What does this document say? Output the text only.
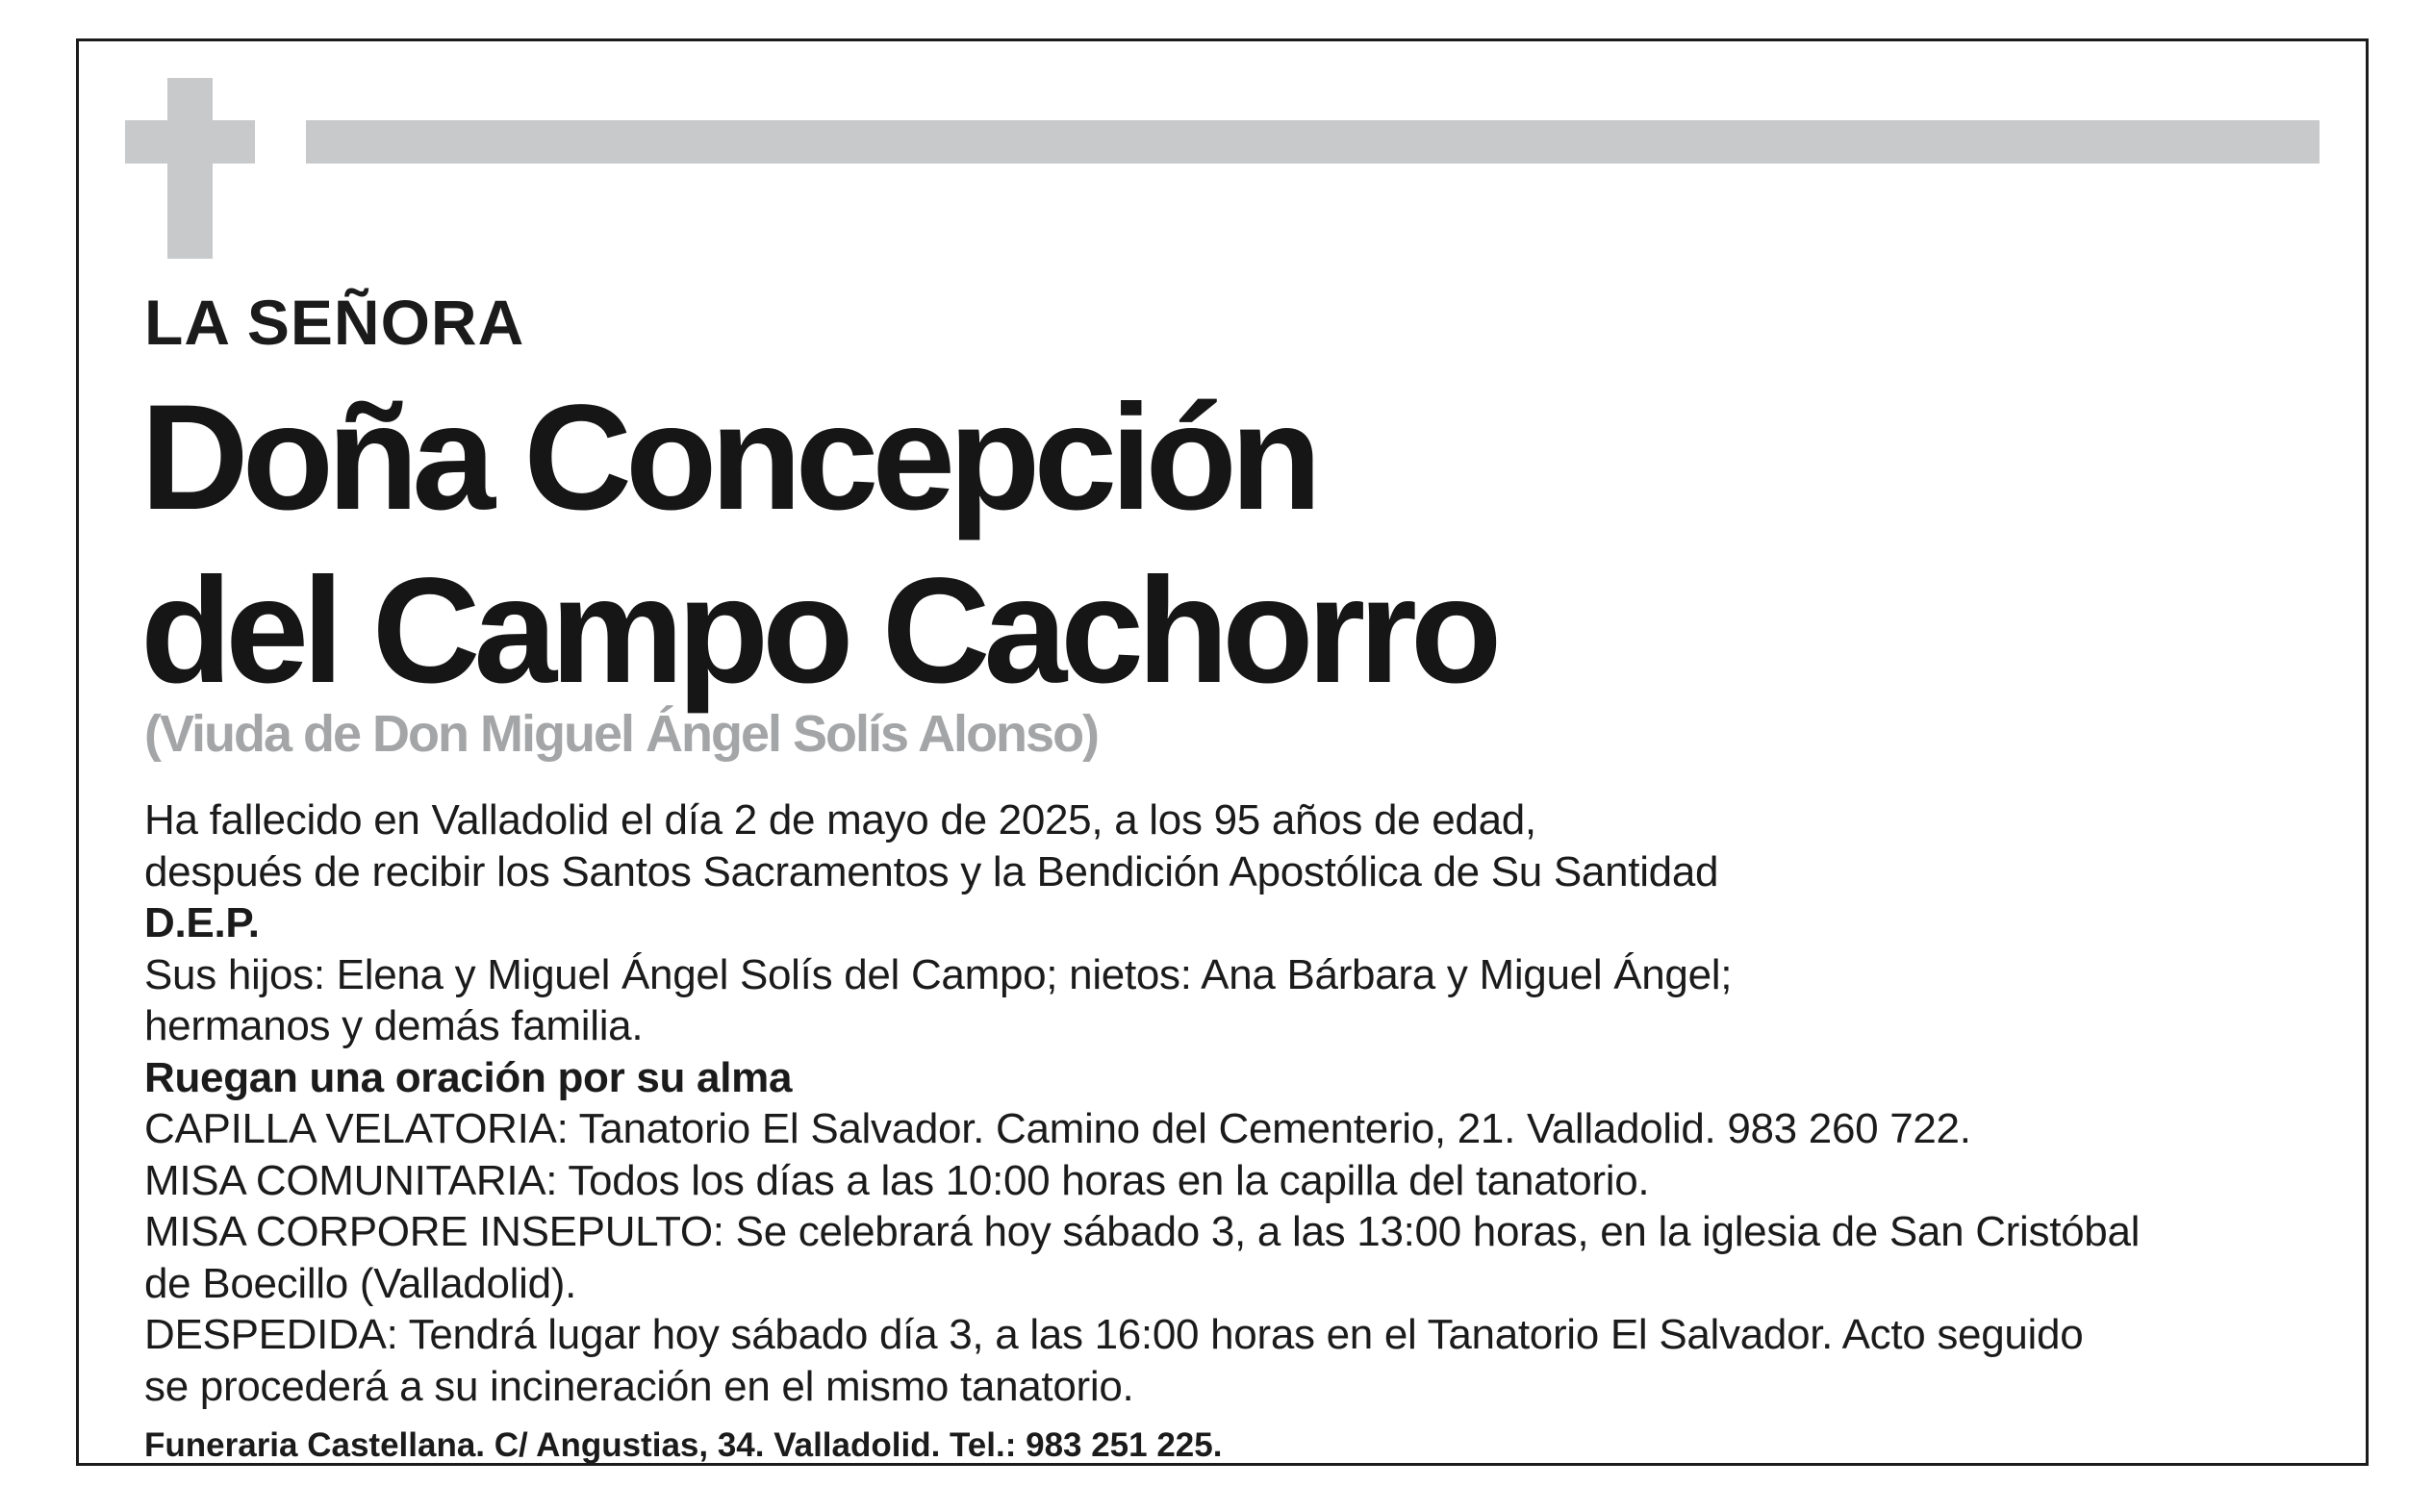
LA SEÑORA
Doña Concepción
del Campo Cachorro
(Viuda de Don Miguel Ángel Solís Alonso)
Ha fallecido en Valladolid el día 2 de mayo de 2025, a los 95 años de edad,
después de recibir los Santos Sacramentos y la Bendición Apostólica de Su Santidad
D.E.P.
Sus hijos: Elena y Miguel Ángel Solís del Campo; nietos: Ana Bárbara y Miguel Ángel;
hermanos y demás familia.
Ruegan una oración por su alma
CAPILLA VELATORIA: Tanatorio El Salvador. Camino del Cementerio, 21. Valladolid. 983 260 722.
MISA COMUNITARIA: Todos los días a las 10:00 horas en la capilla del tanatorio.
MISA CORPORE INSEPULTO: Se celebrará hoy sábado 3, a las 13:00 horas, en la iglesia de San Cristóbal
de Boecillo (Valladolid).
DESPEDIDA: Tendrá lugar hoy sábado día 3, a las 16:00 horas en el Tanatorio El Salvador. Acto seguido
se procederá a su incineración en el mismo tanatorio.
Funeraria Castellana. C/ Angustias, 34. Valladolid. Tel.: 983 251 225.
